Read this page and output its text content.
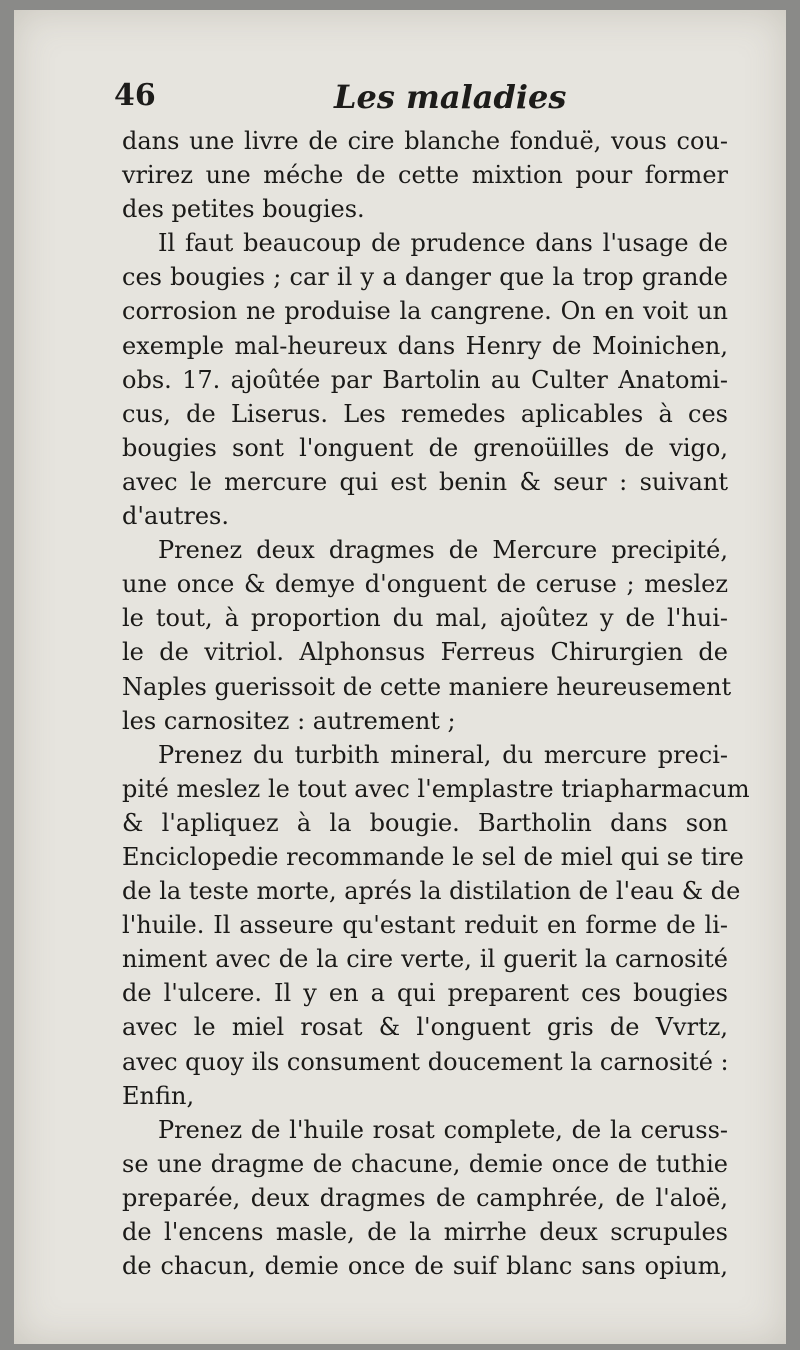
46	Les maladies
dans une livre de cire blanche fonduë, vous cou-
vrirez une méche de cette mixtion pour former
des petites bougies.
Il faut beaucoup de prudence dans l'usage de
ces bougies ; car il y a danger que la trop grande
corrosion ne produise la cangrene. On en voit un
exemple mal-heureux dans Henry de Moinichen,
obs. 17. ajoûtée par Bartolin au Culter Anatomi-
cus, de Liserus. Les remedes aplicables à ces
bougies sont l'onguent de grenoüilles de vigo,
avec le mercure qui est benin & seur : suivant
d'autres.
Prenez deux dragmes de Mercure precipité,
une once & demye d'onguent de ceruse ; meslez
le tout, à proportion du mal, ajoûtez y de l'hui-
le de vitriol. Alphonsus Ferreus Chirurgien de
Naples guerissoit de cette maniere heureusement
les carnositez : autrement ;
Prenez du turbith mineral, du mercure preci-
pité meslez le tout avec l'emplastre triapharmacum
& l'apliquez à la bougie. Bartholin dans son
Enciclopedie recommande le sel de miel qui se tire
de la teste morte, aprés la distilation de l'eau & de
l'huile. Il asseure qu'estant reduit en forme de li-
niment avec de la cire verte, il guerit la carnosité
de l'ulcere. Il y en a qui preparent ces bougies
avec le miel rosat & l'onguent gris de Vvrtz,
avec quoy ils consument doucement la carnosité :
Enfin,
Prenez de l'huile rosat complete, de la ceruss-
se une dragme de chacune, demie once de tuthie
preparée, deux dragmes de camphrée, de l'aloë,
de l'encens masle, de la mirrhe deux scrupules
de chacun, demie once de suif blanc sans opium,
